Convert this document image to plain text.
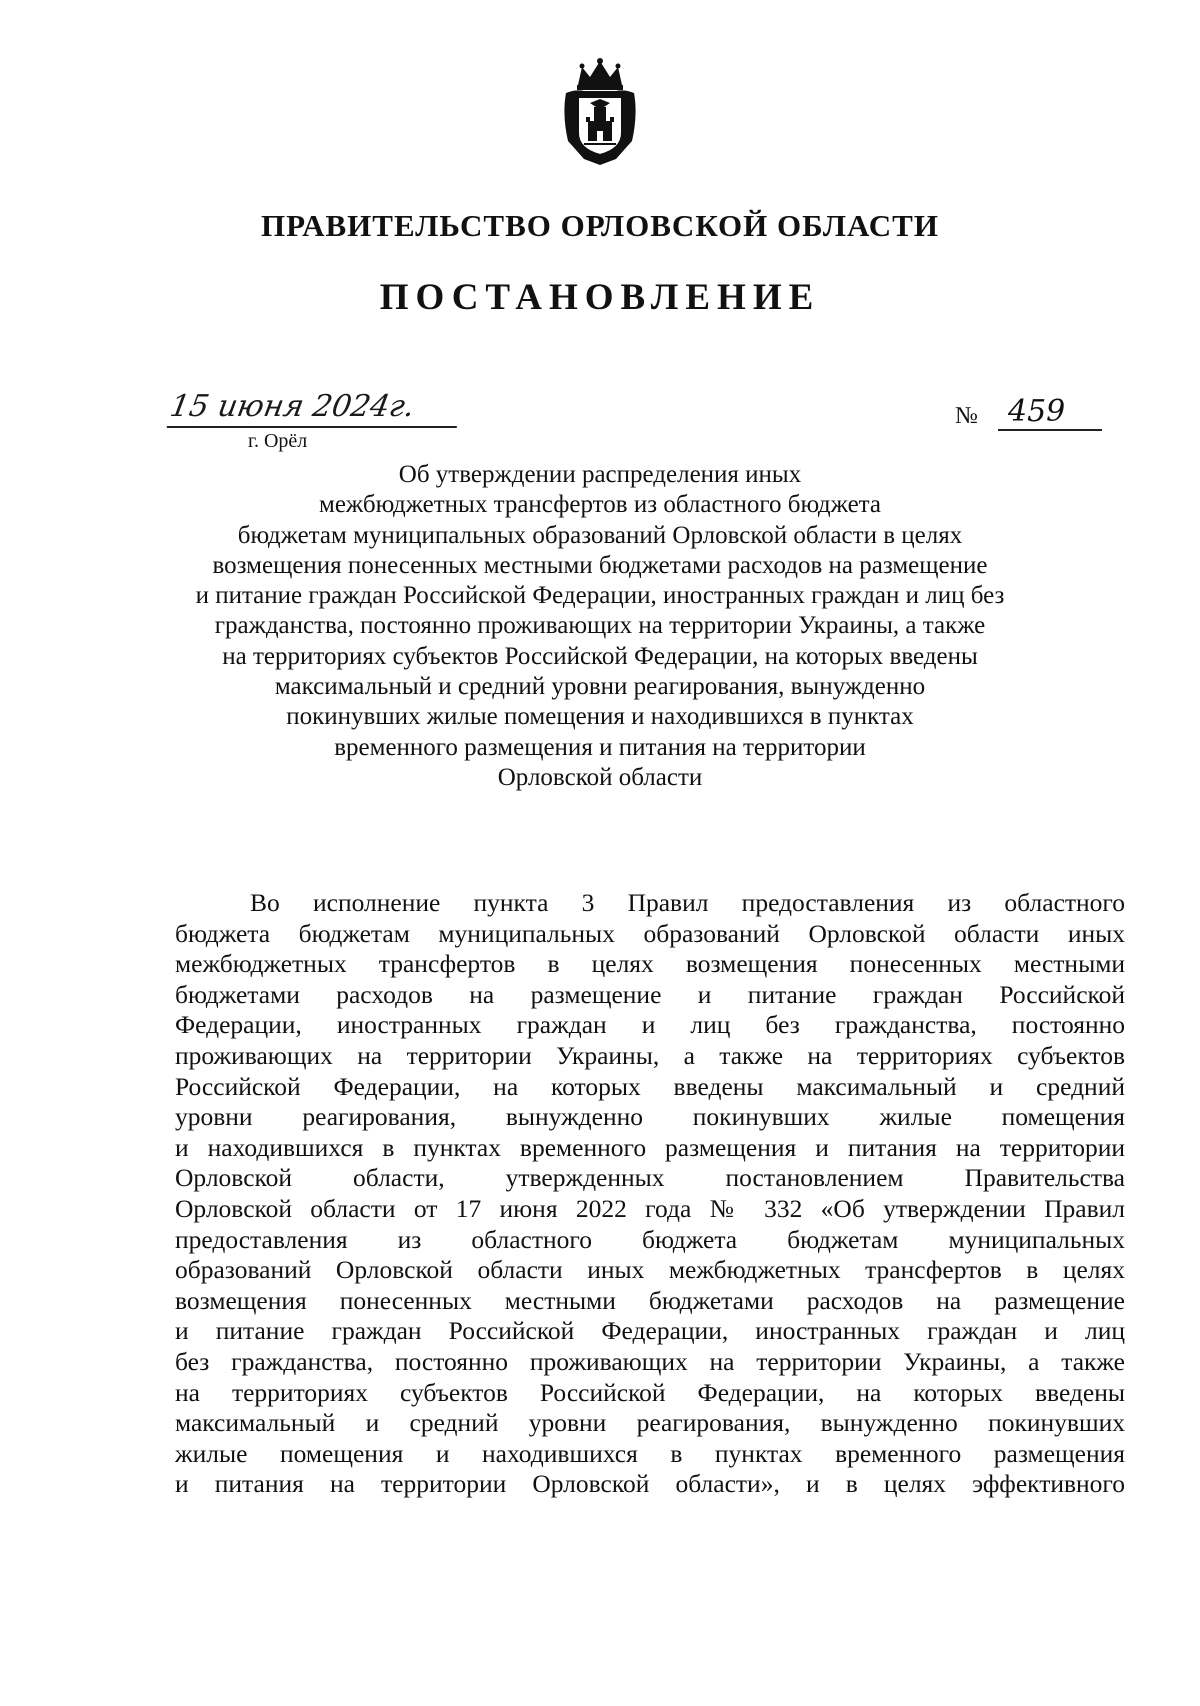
ПРАВИТЕЛЬСТВО ОРЛОВСКОЙ ОБЛАСТИ
ПОСТАНОВЛЕНИЕ
15 июня 2024г.
г. Орёл
№	459
Об утверждении распределения иных
межбюджетных трансфертов из областного бюджета
бюджетам муниципальных образований Орловской области в целях
возмещения понесенных местными бюджетами расходов на размещение
и питание граждан Российской Федерации, иностранных граждан и лиц без
гражданства, постоянно проживающих на территории Украины, а также
на территориях субъектов Российской Федерации, на которых введены
максимальный и средний уровни реагирования, вынужденно
покинувших жилые помещения и находившихся в пунктах
временного размещения и питания на территории
Орловской области
Во исполнение пункта 3 Правил предоставления из областного
бюджета бюджетам муниципальных образований Орловской области иных
межбюджетных трансфертов в целях возмещения понесенных местными
бюджетами расходов на размещение и питание граждан Российской
Федерации, иностранных граждан и лиц без гражданства, постоянно
проживающих на территории Украины, а также на территориях субъектов
Российской Федерации, на которых введены максимальный и средний
уровни реагирования, вынужденно покинувших жилые помещения
и находившихся в пунктах временного размещения и питания на территории
Орловской области, утвержденных постановлением Правительства
Орловской области от 17 июня 2022 года № 332 «Об утверждении Правил
предоставления из областного бюджета бюджетам муниципальных
образований Орловской области иных межбюджетных трансфертов в целях
возмещения понесенных местными бюджетами расходов на размещение
и питание граждан Российской Федерации, иностранных граждан и лиц
без гражданства, постоянно проживающих на территории Украины, а также
на территориях субъектов Российской Федерации, на которых введены
максимальный и средний уровни реагирования, вынужденно покинувших
жилые помещения и находившихся в пунктах временного размещения
и питания на территории Орловской области», и в целях эффективного
